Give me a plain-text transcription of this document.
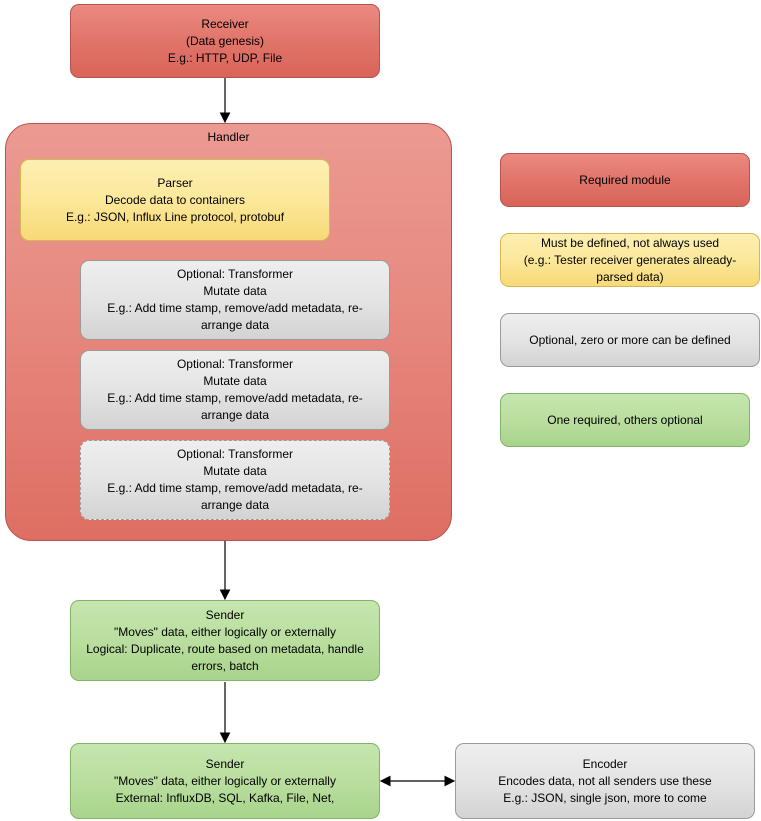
Receiver
(Data genesis)
E.g.: HTTP, UDP, File
Handler
Parser
Decode data to containers
E.g.: JSON, Influx Line protocol, protobuf
Optional: Transformer
Mutate data
E.g.: Add time stamp, remove/add metadata, re-arrange data
Optional: Transformer
Mutate data
E.g.: Add time stamp, remove/add metadata, re-arrange data
Optional: Transformer
Mutate data
E.g.: Add time stamp, remove/add metadata, re-arrange data
Sender
"Moves" data, either logically or externally
Logical: Duplicate, route based on metadata, handle errors, batch
Sender
"Moves" data, either logically or externally
External: InfluxDB, SQL, Kafka, File, Net,
Encoder
Encodes data, not all senders use these
E.g.: JSON, single json, more to come
Required module
Must be defined, not always used
(e.g.: Tester receiver generates already-parsed data)
Optional, zero or more can be defined
One required, others optional
